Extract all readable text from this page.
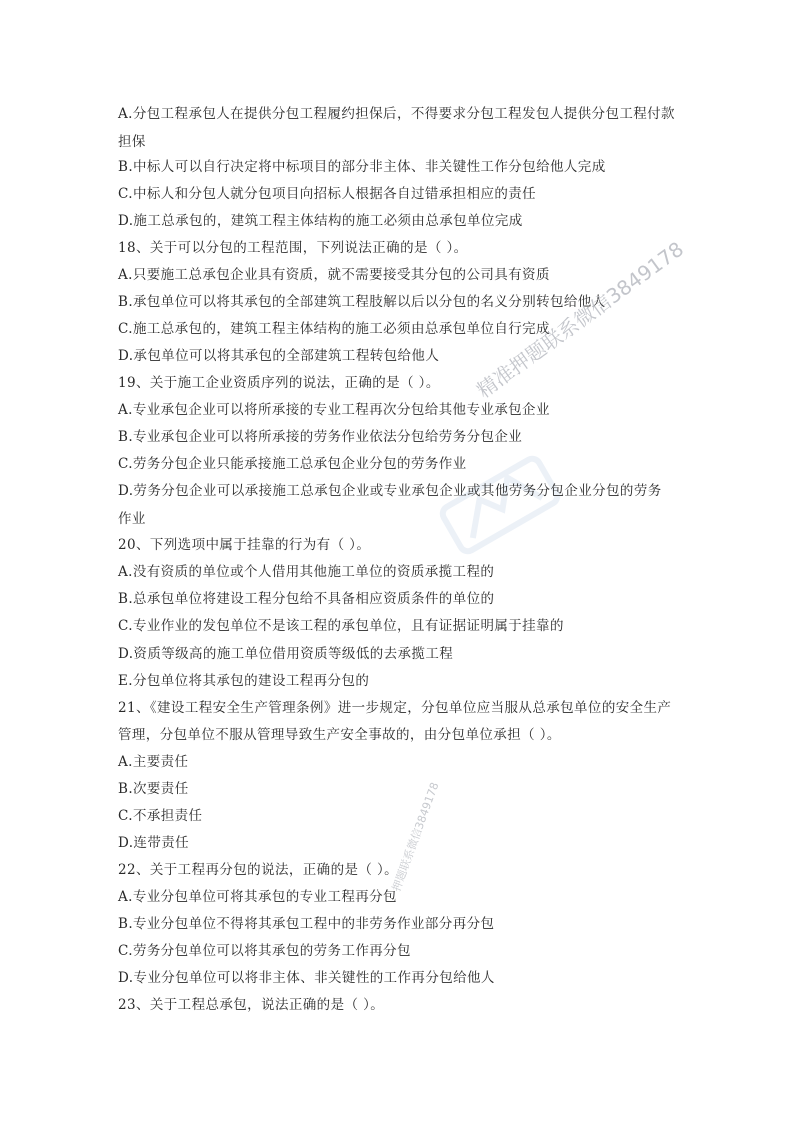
A.分包工程承包人在提供分包工程履约担保后，不得要求分包工程发包人提供分包工程付款
担保
B.中标人可以自行决定将中标项目的部分非主体、非关键性工作分包给他人完成
C.中标人和分包人就分包项目向招标人根据各自过错承担相应的责任
D.施工总承包的，建筑工程主体结构的施工必须由总承包单位完成
18、关于可以分包的工程范围，下列说法正确的是（ ）。
A.只要施工总承包企业具有资质，就不需要接受其分包的公司具有资质
B.承包单位可以将其承包的全部建筑工程肢解以后以分包的名义分别转包给他人
C.施工总承包的，建筑工程主体结构的施工必须由总承包单位自行完成
D.承包单位可以将其承包的全部建筑工程转包给他人
19、关于施工企业资质序列的说法，正确的是（ ）。
A.专业承包企业可以将所承接的专业工程再次分包给其他专业承包企业
B.专业承包企业可以将所承接的劳务作业依法分包给劳务分包企业
C.劳务分包企业只能承接施工总承包企业分包的劳务作业
D.劳务分包企业可以承接施工总承包企业或专业承包企业或其他劳务分包企业分包的劳务
作业
20、下列选项中属于挂靠的行为有（ ）。
A.没有资质的单位或个人借用其他施工单位的资质承揽工程的
B.总承包单位将建设工程分包给不具备相应资质条件的单位的
C.专业作业的发包单位不是该工程的承包单位，且有证据证明属于挂靠的
D.资质等级高的施工单位借用资质等级低的去承揽工程
E.分包单位将其承包的建设工程再分包的
21、《建设工程安全生产管理条例》进一步规定，分包单位应当服从总承包单位的安全生产
管理，分包单位不服从管理导致生产安全事故的，由分包单位承担（ ）。
A.主要责任
B.次要责任
C.不承担责任
D.连带责任
22、关于工程再分包的说法，正确的是（ ）。
A.专业分包单位可将其承包的专业工程再分包
B.专业分包单位不得将其承包工程中的非劳务作业部分再分包
C.劳务分包单位可以将其承包的劳务工作再分包
D.专业分包单位可以将非主体、非关键性的工作再分包给他人
23、关于工程总承包，说法正确的是（ ）。
精准押题联系微信3849178
押题联系微信3849178
